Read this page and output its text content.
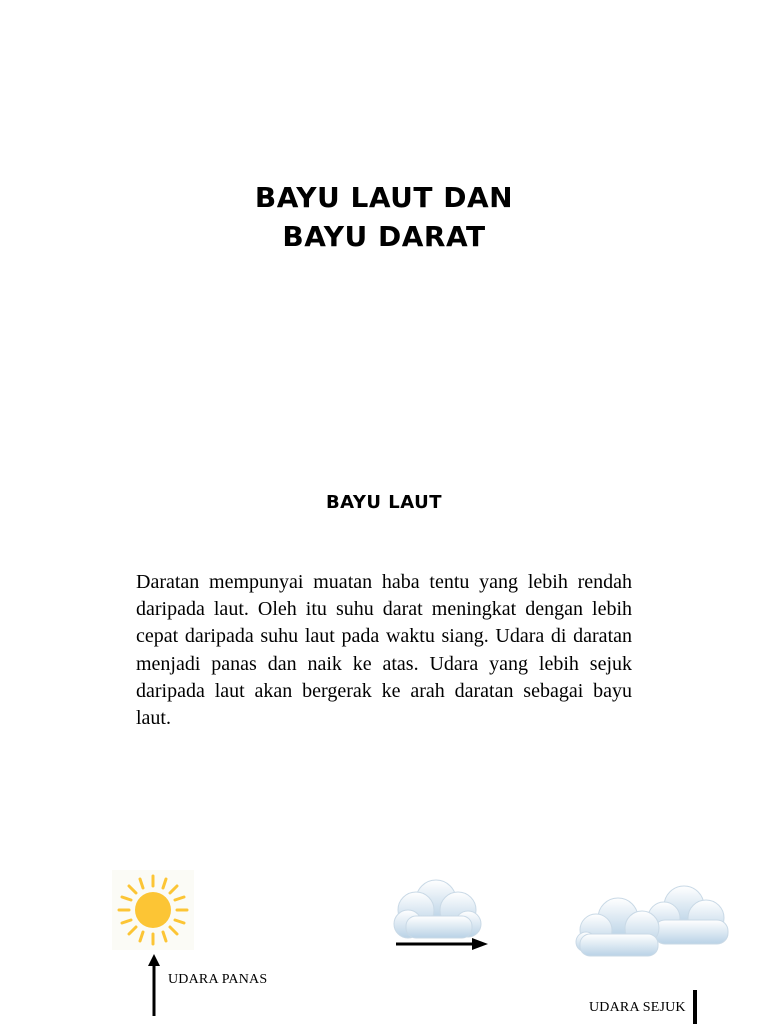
BAYU LAUT DAN
BAYU DARAT
BAYU LAUT
Daratan mempunyai muatan haba tentu yang lebih rendah daripada laut. Oleh itu suhu darat meningkat dengan lebih cepat daripada suhu laut pada waktu siang. Udara di daratan menjadi panas dan naik ke atas. Udara yang lebih sejuk daripada laut akan bergerak ke arah daratan sebagai bayu laut.
UDARA PANAS
UDARA SEJUK
